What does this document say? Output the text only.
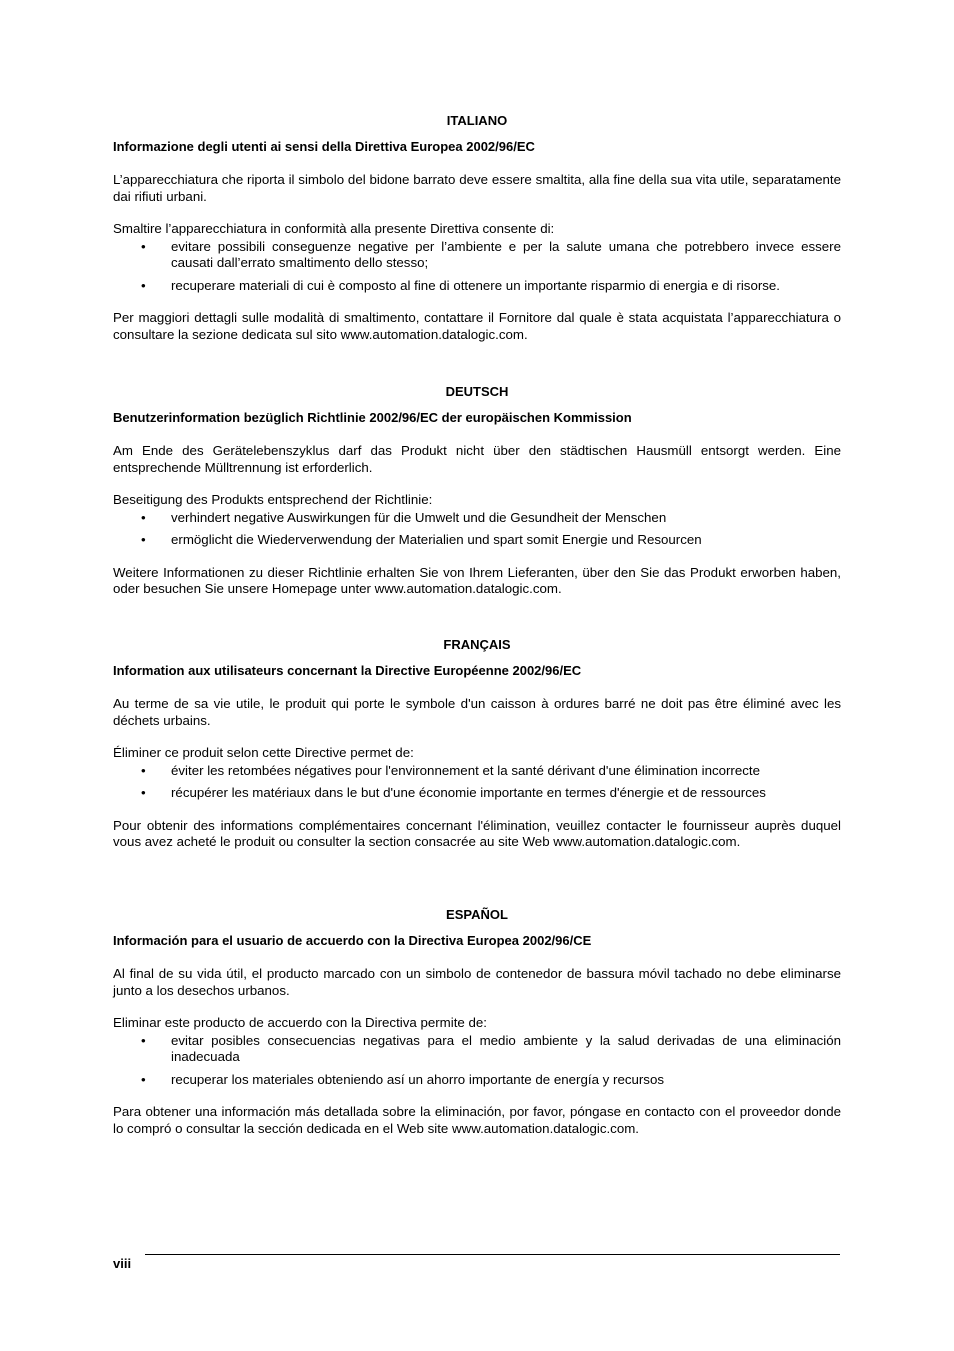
ITALIANO
Informazione degli utenti ai sensi della Direttiva Europea 2002/96/EC

L’apparecchiatura che riporta il simbolo del bidone barrato deve essere smaltita, alla fine della sua vita utile, separatamente dai rifiuti urbani.

Smaltire l’apparecchiatura in conformità alla presente Direttiva consente di:

• evitare possibili conseguenze negative per l’ambiente e per la salute umana che potrebbero invece essere causati dall’errato smaltimento dello stesso;
• recuperare materiali di cui è composto al fine di ottenere un importante risparmio di energia e di risorse.

Per maggiori dettagli sulle modalità di smaltimento, contattare il Fornitore dal quale è stata acquistata l’apparecchiatura o consultare la sezione dedicata sul sito www.automation.datalogic.com.

DEUTSCH
Benutzerinformation bezüglich Richtlinie 2002/96/EC der europäischen Kommission

Am Ende des Gerätelebenszyklus darf das Produkt nicht über den städtischen Hausmüll entsorgt werden. Eine entsprechende Mülltrennung ist erforderlich.

Beseitigung des Produkts entsprechend der Richtlinie:

• verhindert negative Auswirkungen für die Umwelt und die Gesundheit der Menschen
• ermöglicht die Wiederverwendung der Materialien und spart somit Energie und Resourcen

Weitere Informationen zu dieser Richtlinie erhalten Sie von Ihrem Lieferanten, über den Sie das Produkt erworben haben, oder besuchen Sie unsere Homepage unter www.automation.datalogic.com.

FRANÇAIS
Information aux utilisateurs concernant la Directive Européenne 2002/96/EC

Au terme de sa vie utile, le produit qui porte le symbole d'un caisson à ordures barré ne doit pas être éliminé avec les déchets urbains.

Éliminer ce produit selon cette Directive permet de:

• éviter les retombées négatives pour l'environnement et la santé dérivant d'une élimination incorrecte
• récupérer les matériaux dans le but d'une économie importante en termes d'énergie et de ressources

Pour obtenir des informations complémentaires concernant l'élimination, veuillez contacter le fournisseur auprès duquel vous avez acheté le produit ou consulter la section consacrée au site Web www.automation.datalogic.com.

ESPAÑOL
Información para el usuario de accuerdo con la Directiva Europea 2002/96/CE

Al final de su vida útil, el producto marcado con un simbolo de contenedor de bassura móvil tachado no debe eliminarse junto a los desechos urbanos.

Eliminar este producto de accuerdo con la Directiva permite de:

• evitar posibles consecuencias negativas para el medio ambiente y la salud derivadas de una eliminación inadecuada
• recuperar los materiales obteniendo así un ahorro importante de energía y recursos

Para obtener una información más detallada sobre la eliminación, por favor, póngase en contacto con el proveedor donde lo compró o consultar la sección dedicada en el Web site www.automation.datalogic.com.

viii
